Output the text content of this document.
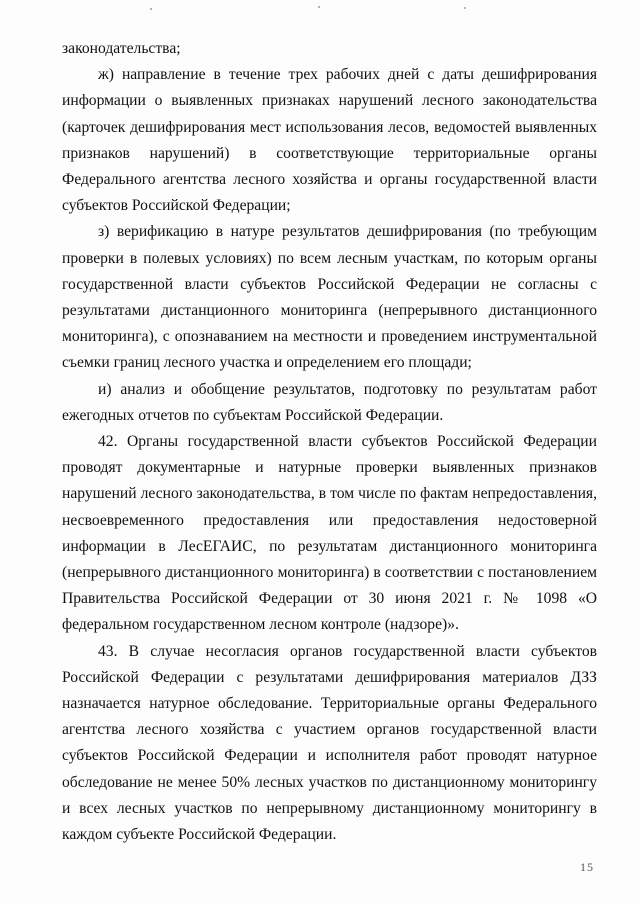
законодательства;

ж) направление в течение трех рабочих дней с даты дешифрирования информации о выявленных признаках нарушений лесного законодательства (карточек дешифрирования мест использования лесов, ведомостей выявленных признаков нарушений) в соответствующие территориальные органы Федерального агентства лесного хозяйства и органы государственной власти субъектов Российской Федерации;

з) верификацию в натуре результатов дешифрирования (по требующим проверки в полевых условиях) по всем лесным участкам, по которым органы государственной власти субъектов Российской Федерации не согласны с результатами дистанционного мониторинга (непрерывного дистанционного мониторинга), с опознаванием на местности и проведением инструментальной съемки границ лесного участка и определением его площади;

и) анализ и обобщение результатов, подготовку по результатам работ ежегодных отчетов по субъектам Российской Федерации.

42. Органы государственной власти субъектов Российской Федерации проводят документарные и натурные проверки выявленных признаков нарушений лесного законодательства, в том числе по фактам непредоставления, несвоевременного предоставления или предоставления недостоверной информации в ЛесЕГАИС, по результатам дистанционного мониторинга (непрерывного дистанционного мониторинга) в соответствии с постановлением Правительства Российской Федерации от 30 июня 2021 г. № 1098 «О федеральном государственном лесном контроле (надзоре)».

43. В случае несогласия органов государственной власти субъектов Российской Федерации с результатами дешифрирования материалов ДЗЗ назначается натурное обследование. Территориальные органы Федерального агентства лесного хозяйства с участием органов государственной власти субъектов Российской Федерации и исполнителя работ проводят натурное обследование не менее 50% лесных участков по дистанционному мониторингу и всех лесных участков по непрерывному дистанционному мониторингу в каждом субъекте Российской Федерации.

15
